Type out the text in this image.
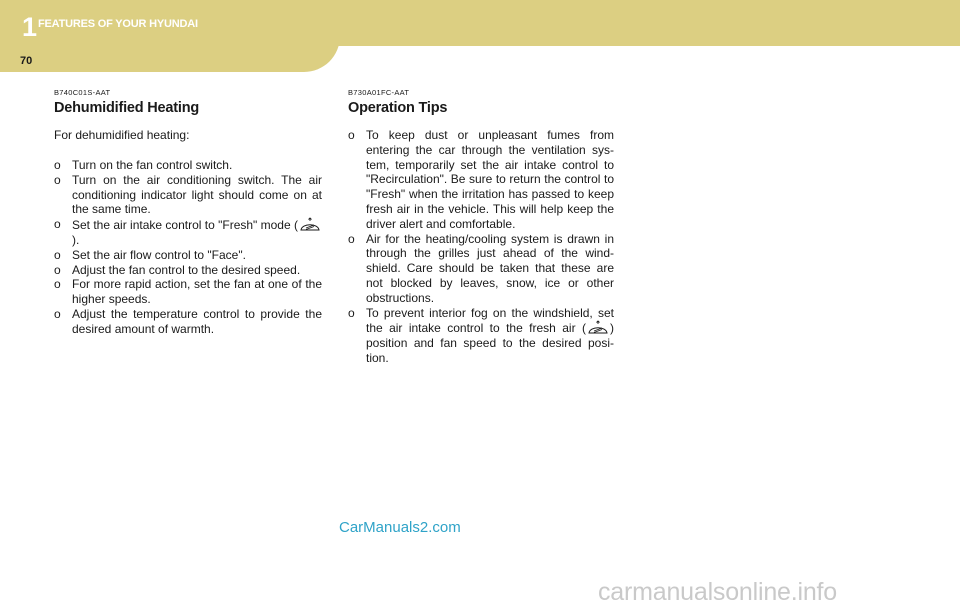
1 FEATURES OF YOUR HYUNDAI
70
B740C01S-AAT
Dehumidified Heating
For dehumidified heating:
o Turn on the fan control switch.
o Turn on the air conditioning switch. The air conditioning indicator light should come on at the same time.
o Set the air intake control to "Fresh" mode ().
o Set the air flow control to "Face".
o Adjust the fan control to the desired speed.
o For more rapid action, set the fan at one of the higher speeds.
o Adjust the temperature control to provide the desired amount of warmth.
B730A01FC-AAT
Operation Tips
o To keep dust or unpleasant fumes from entering the car through the ventilation sys-tem, temporarily set the air intake control to "Recirculation". Be sure to return the control to "Fresh" when the irritation has passed to keep fresh air in the vehicle. This will help keep the driver alert and comfortable.
o Air for the heating/cooling system is drawn in through the grilles just ahead of the wind-shield. Care should be taken that these are not blocked by leaves, snow, ice or other obstructions.
o To prevent interior fog on the windshield, set the air intake control to the fresh air ( ) position and fan speed to the desired posi-tion.
CarManuals2.com
carmanualsonline.info
